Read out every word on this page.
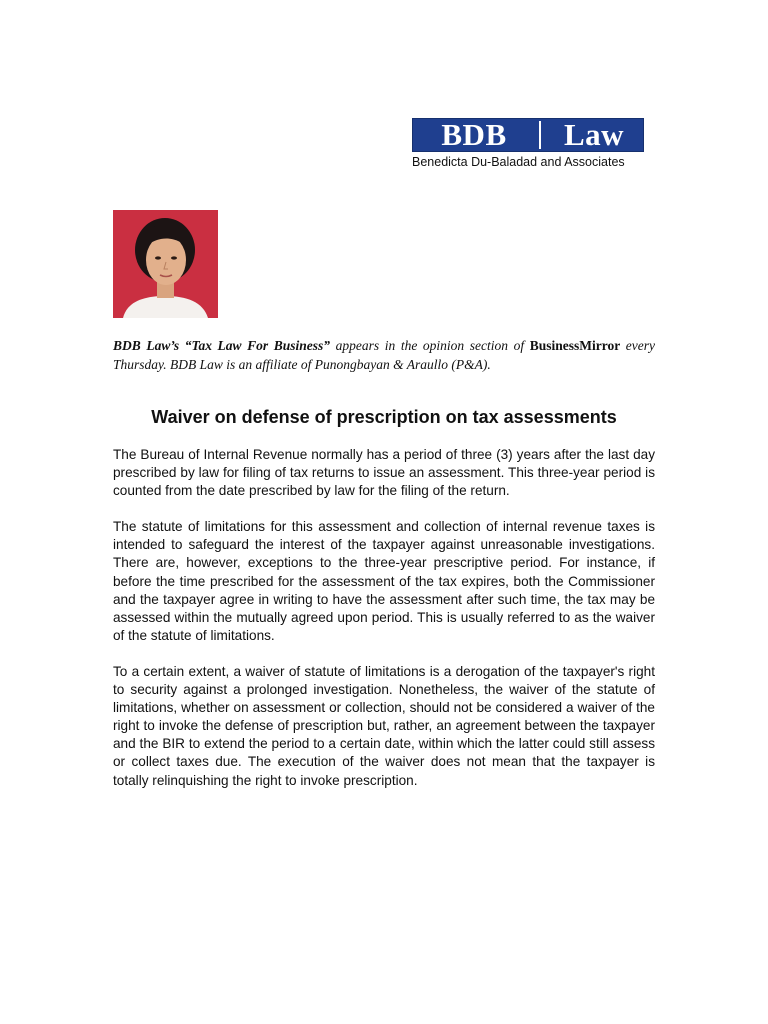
BDB	Law
Benedicta Du-Baladad and Associates
BDB Law’s “Tax Law For Business” appears in the opinion section of BusinessMirror every Thursday. BDB Law is an affiliate of Punongbayan & Araullo (P&A).
Waiver on defense of prescription on tax assessments

The Bureau of Internal Revenue normally has a period of three (3) years after the last day prescribed by law for filing of tax returns to issue an assessment. This three-year period is counted from the date prescribed by law for the filing of the return.

The statute of limitations for this assessment and collection of internal revenue taxes is intended to safeguard the interest of the taxpayer against unreasonable investigations. There are, however, exceptions to the three-year prescriptive period. For instance, if before the time prescribed for the assessment of the tax expires, both the Commissioner and the taxpayer agree in writing to have the assessment after such time, the tax may be assessed within the mutually agreed upon period. This is usually referred to as the waiver of the statute of limitations.

To a certain extent, a waiver of statute of limitations is a derogation of the taxpayer's right to security against a prolonged investigation. Nonetheless, the waiver of the statute of limitations, whether on assessment or collection, should not be considered a waiver of the right to invoke the defense of prescription but, rather, an agreement between the taxpayer and the BIR to extend the period to a certain date, within which the latter could still assess or collect taxes due. The execution of the waiver does not mean that the taxpayer is totally relinquishing the right to invoke prescription.
